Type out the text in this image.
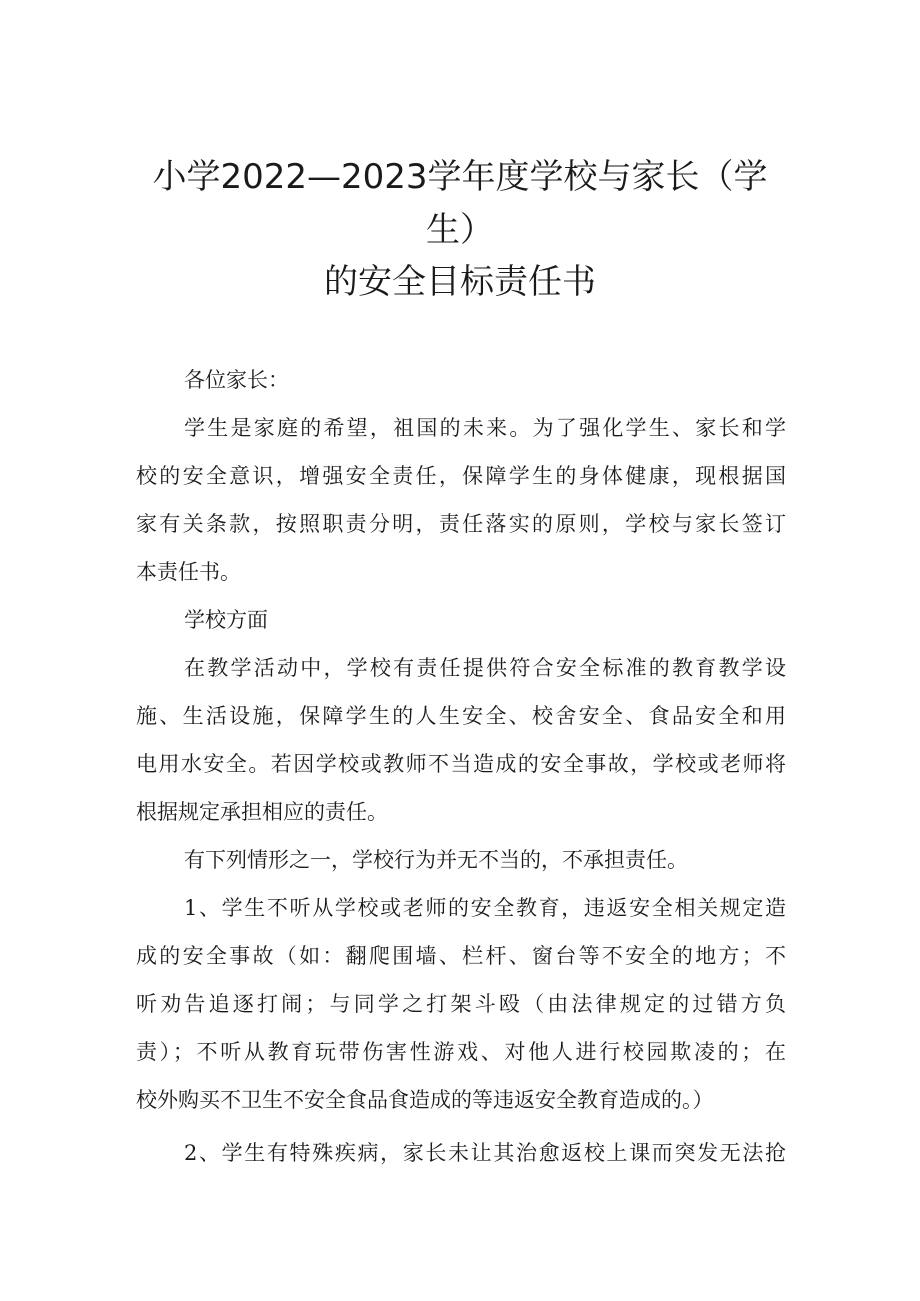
小学2022—2023学年度学校与家长（学
生）
的安全目标责任书
各位家长：
学生是家庭的希望，祖国的未来。为了强化学生、家长和学
校的安全意识，增强安全责任，保障学生的身体健康，现根据国
家有关条款，按照职责分明，责任落实的原则，学校与家长签订
本责任书。
学校方面
在教学活动中，学校有责任提供符合安全标准的教育教学设
施、生活设施，保障学生的人生安全、校舍安全、食品安全和用
电用水安全。若因学校或教师不当造成的安全事故，学校或老师将
根据规定承担相应的责任。
有下列情形之一，学校行为并无不当的，不承担责任。
1、学生不听从学校或老师的安全教育，违返安全相关规定造
成的安全事故（如：翻爬围墙、栏杆、窗台等不安全的地方；不
听劝告追逐打闹；与同学之打架斗殴（由法律规定的过错方负
责）；不听从教育玩带伤害性游戏、对他人进行校园欺凌的；在
校外购买不卫生不安全食品食造成的等违返安全教育造成的。）
2、学生有特殊疾病，家长未让其治愈返校上课而突发无法抢
